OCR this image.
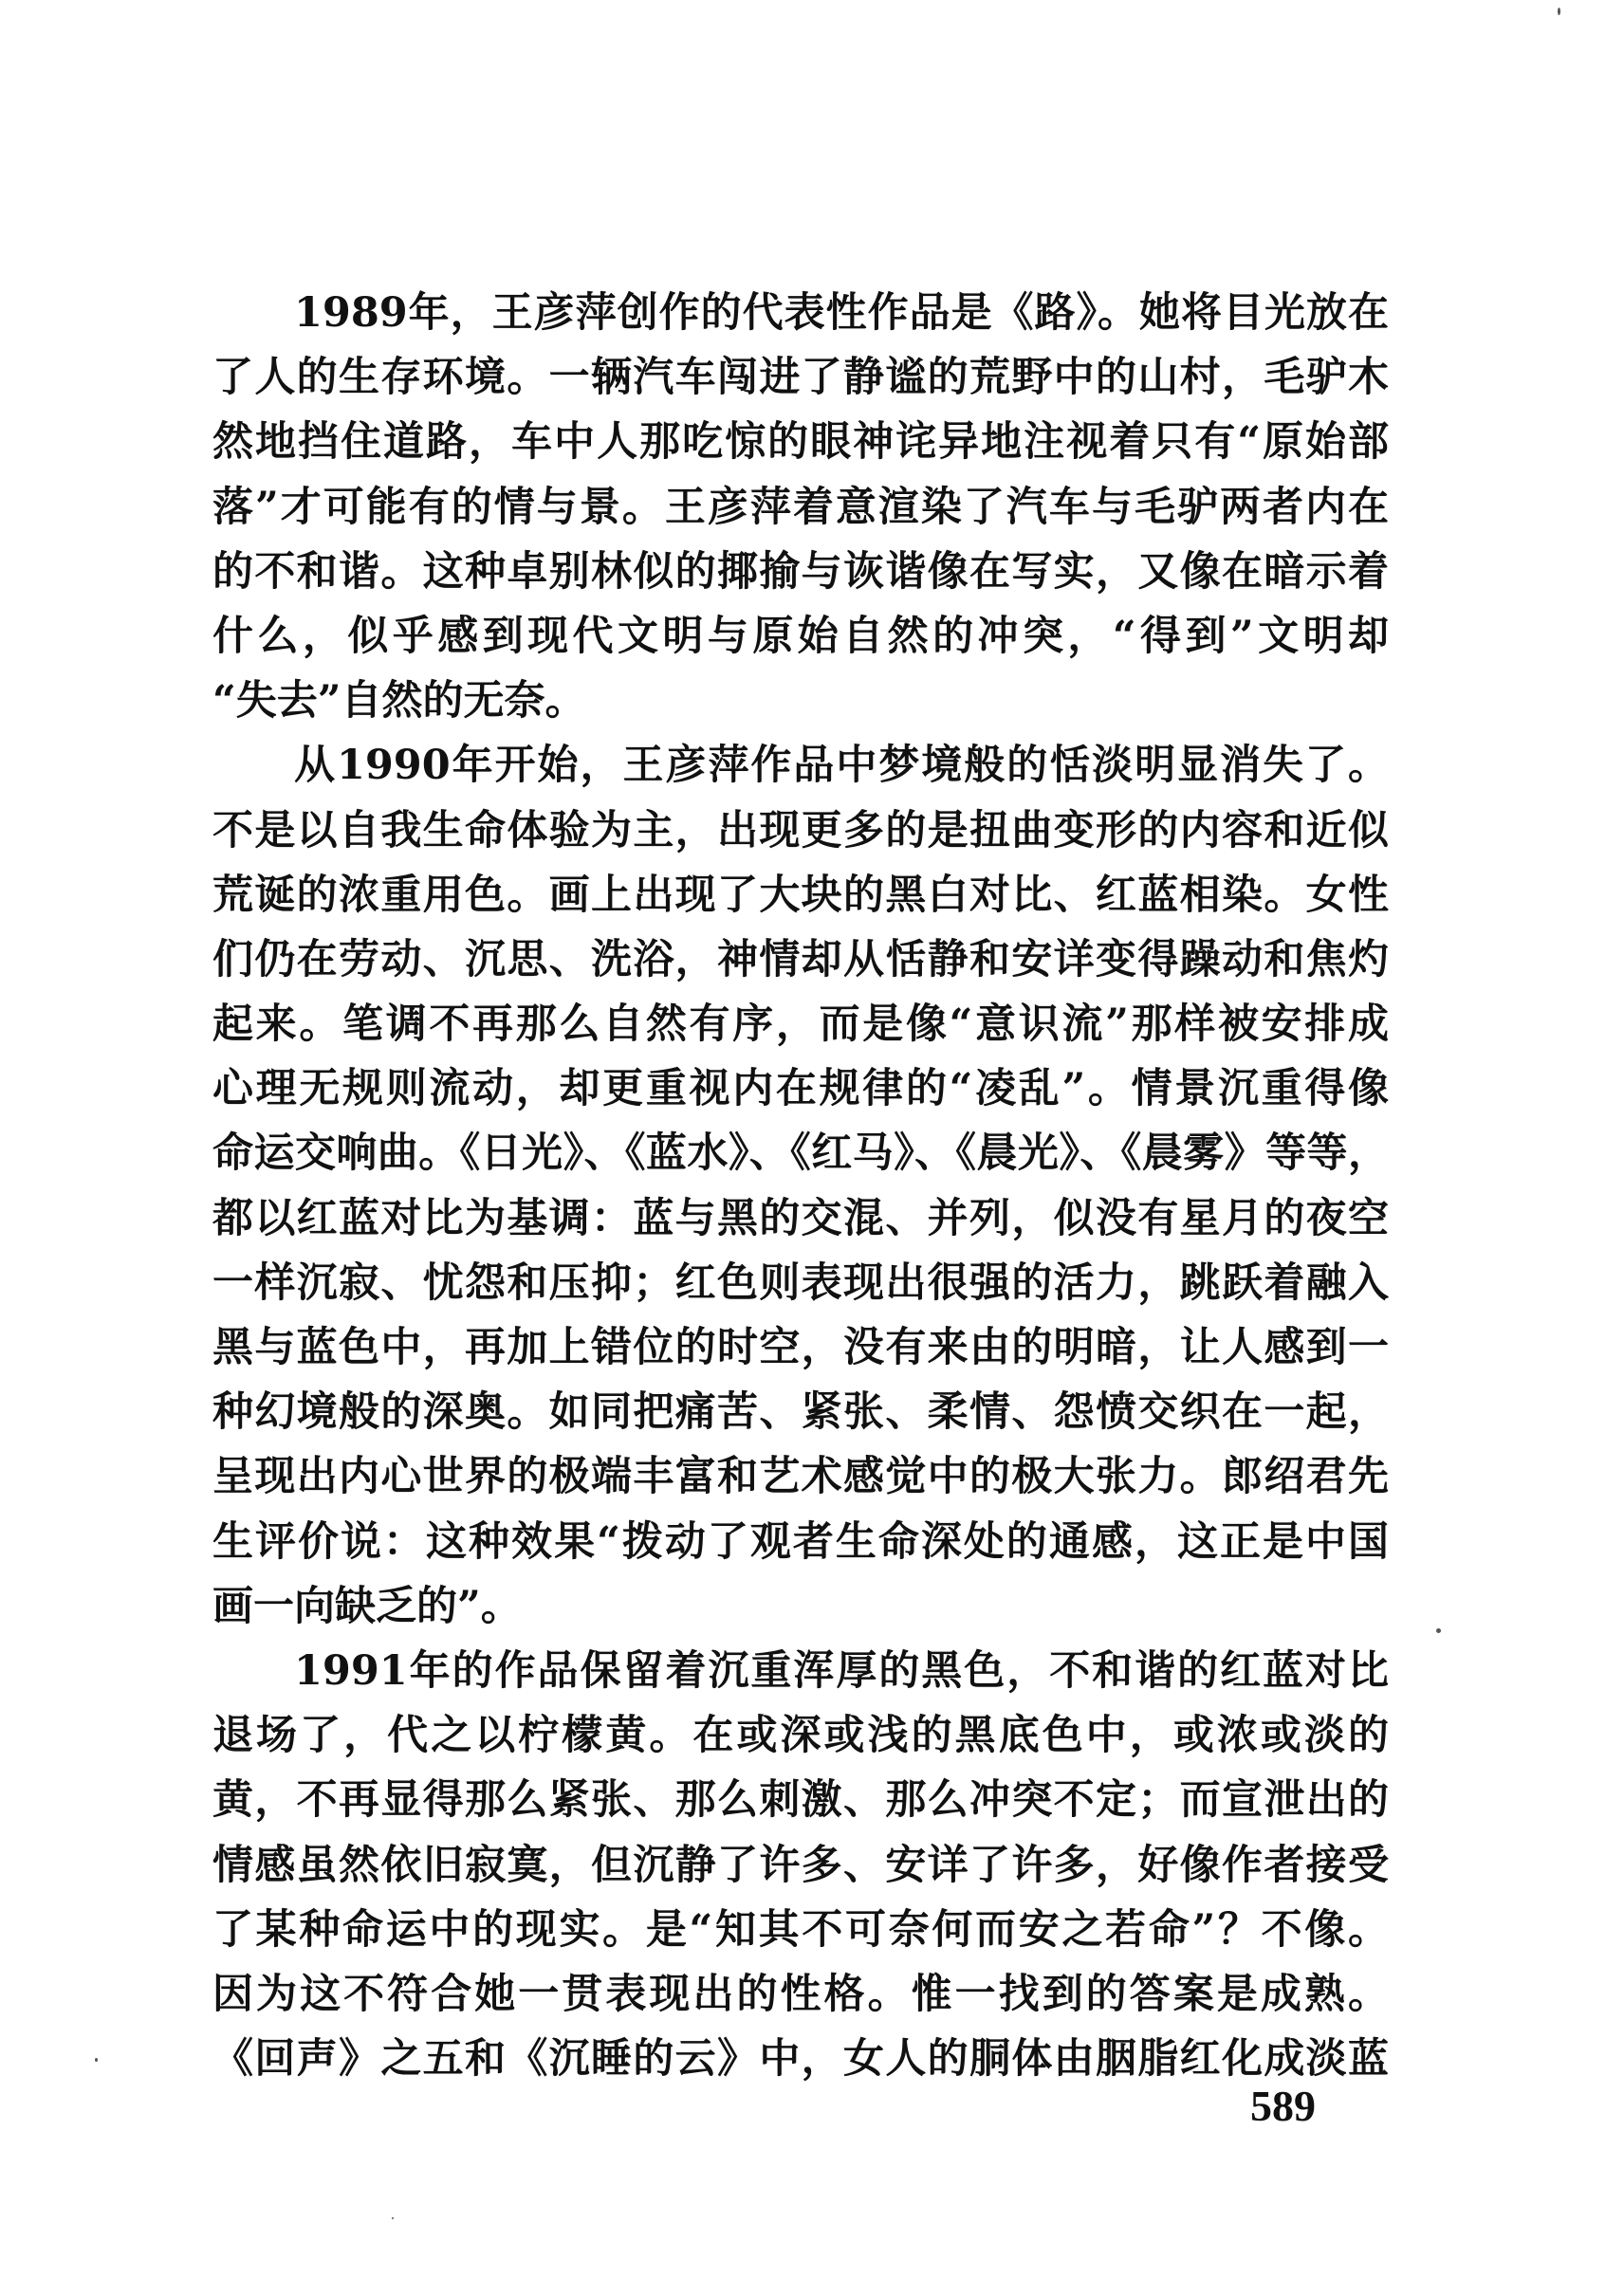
1989年，王彦萍创作的代表性作品是《路》。她将目光放在
了人的生存环境。一辆汽车闯进了静谧的荒野中的山村，毛驴木
然地挡住道路，车中人那吃惊的眼神诧异地注视着只有“原始部
落”才可能有的情与景。王彦萍着意渲染了汽车与毛驴两者内在
的不和谐。这种卓别林似的揶揄与诙谐像在写实，又像在暗示着
什么，似乎感到现代文明与原始自然的冲突，“得到”文明却
“失去”自然的无奈。
从1990年开始，王彦萍作品中梦境般的恬淡明显消失了。
不是以自我生命体验为主，出现更多的是扭曲变形的内容和近似
荒诞的浓重用色。画上出现了大块的黑白对比、红蓝相染。女性
们仍在劳动、沉思、洗浴，神情却从恬静和安详变得躁动和焦灼
起来。笔调不再那么自然有序，而是像“意识流”那样被安排成
心理无规则流动，却更重视内在规律的“凌乱”。情景沉重得像
命运交响曲。《日光》、《蓝水》、《红马》、《晨光》、《晨雾》等等，
都以红蓝对比为基调：蓝与黑的交混、并列，似没有星月的夜空
一样沉寂、忧怨和压抑；红色则表现出很强的活力，跳跃着融入
黑与蓝色中，再加上错位的时空，没有来由的明暗，让人感到一
种幻境般的深奥。如同把痛苦、紧张、柔情、怨愤交织在一起，
呈现出内心世界的极端丰富和艺术感觉中的极大张力。郎绍君先
生评价说：这种效果“拨动了观者生命深处的通感，这正是中国
画一向缺乏的”。
1991年的作品保留着沉重浑厚的黑色，不和谐的红蓝对比
退场了，代之以柠檬黄。在或深或浅的黑底色中，或浓或淡的
黄，不再显得那么紧张、那么刺激、那么冲突不定；而宣泄出的
情感虽然依旧寂寞，但沉静了许多、安详了许多，好像作者接受
了某种命运中的现实。是“知其不可奈何而安之若命”？不像。
因为这不符合她一贯表现出的性格。惟一找到的答案是成熟。
《回声》之五和《沉睡的云》中，女人的胴体由胭脂红化成淡蓝
589
